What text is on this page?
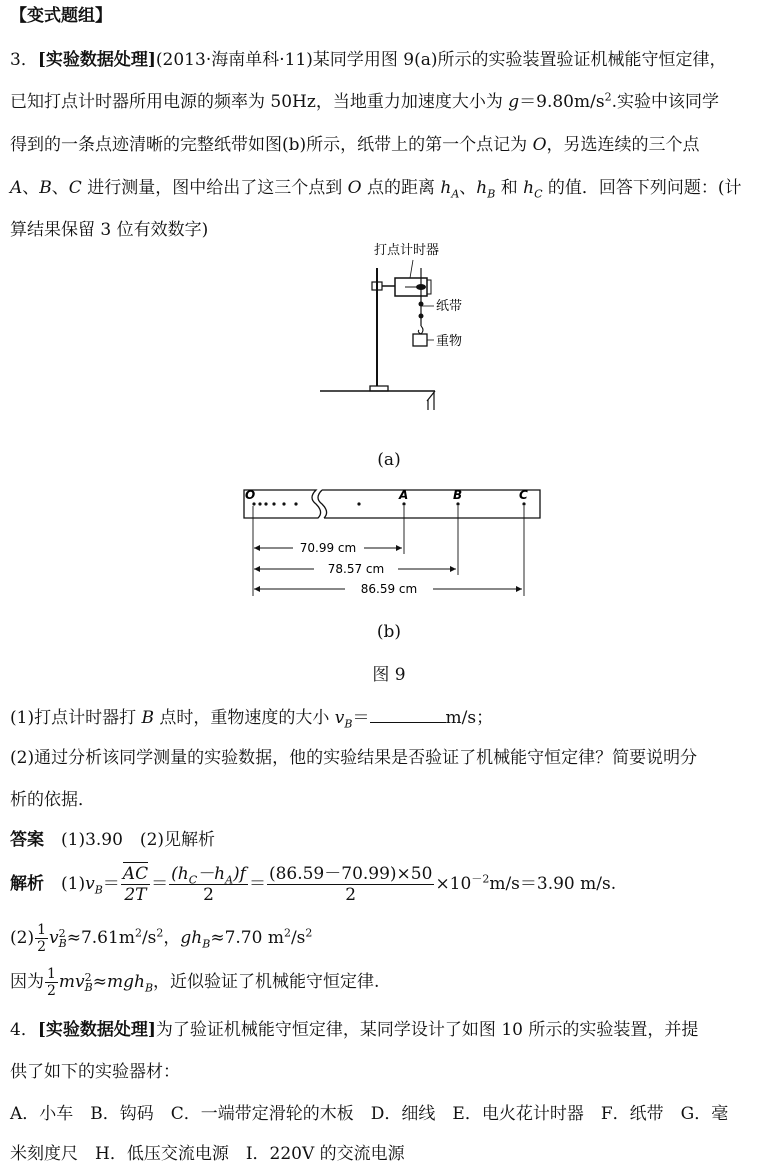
【变式题组】
3．[实验数据处理](2013·海南单科·11)某同学用图 9(a)所示的实验装置验证机械能守恒定律，
已知打点计时器所用电源的频率为 50Hz，当地重力加速度大小为 $g=9.80m/s^2$.实验中该同学
得到的一条点迹清晰的完整纸带如图(b)所示，纸带上的第一个点记为 O，另选连续的三个点
A、B、C 进行测量，图中给出了这三个点到 O 点的距离 $h_A$、$h_B$ 和 $h_C$ 的值．回答下列问题：(计
算结果保留 3 位有效数字)
打点计时器
纸带
重物
(a)
O	A	B	C
70.99 cm
78.57 cm
86.59 cm
(b)
图 9
(1)打点计时器打 B 点时，重物速度的大小 $v_B=$	m/s；
(2)通过分析该同学测量的实验数据，他的实验结果是否验证了机械能守恒定律？简要说明分
析的依据．
答案　 (1)3.90　(2)见解析
解析　 $(1)v_B= \frac{AC}{2T} = \frac{(h_C-h_A)f}{2} = \frac{(86.59-70.99)\times 50}{2} \times 10^{-2}m/s=3.90$ m/s.
$(2) \frac{1}{2}$ v 2
$B \approx 7.61m^2/s^2$，$gh_B\approx 7.70$ $m^2/s^2$
因为 $\frac{1}{2}$ mv 2
B ≈mgh$_B$，近似验证了机械能守恒定律.
4．[实验数据处理]为了验证机械能守恒定律，某同学设计了如图 10 所示的实验装置，并提
供了如下的实验器材：
A．小车　B．钩码　C．一端带定滑轮的木板　D．细线　E．电火花计时器　F．纸带　G．毫
米刻度尺　H．低压交流电源　I．220V 的交流电源
